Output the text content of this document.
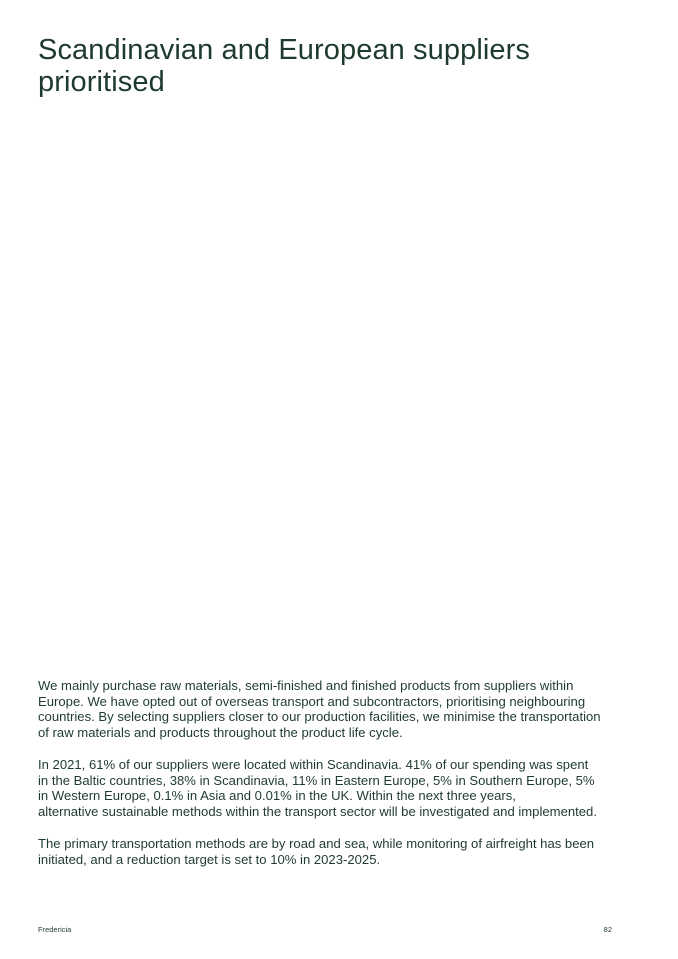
Scandinavian and European suppliers
prioritised

We mainly purchase raw materials, semi-finished and finished products from suppliers within
Europe. We have opted out of overseas transport and subcontractors, prioritising neighbouring
countries. By selecting suppliers closer to our production facilities, we minimise the transportation
of raw materials and products throughout the product life cycle.

In 2021, 61% of our suppliers were located within Scandinavia. 41% of our spending was spent
in the Baltic countries, 38% in Scandinavia, 11% in Eastern Europe, 5% in Southern Europe, 5%
in Western Europe, 0.1% in Asia and 0.01% in the UK. Within the next three years,
alternative sustainable methods within the transport sector will be investigated and implemented.

The primary transportation methods are by road and sea, while monitoring of airfreight has been
initiated, and a reduction target is set to 10% in 2023-2025.

Fredericia	82
